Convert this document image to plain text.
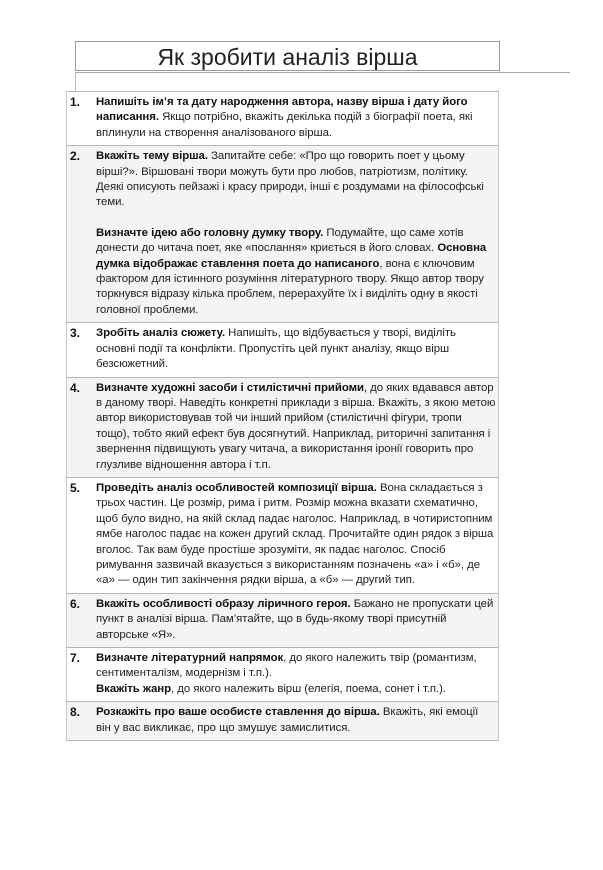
Як зробити аналіз вірша
1.	Напишіть ім’я та дату народження автора, назву вірша і дату його написання. Якщо потрібно, вкажіть декілька подій з біографії поета, які вплинули на створення аналізованого вірша.

2.	Вкажіть тему вірша. Запитайте себе: «Про що говорить поет у цьому вірші?». Віршовані твори можуть бути про любов, патріотизм, політику. Деякі описують пейзажі і красу природи, інші є роздумами на філософські теми.

Визначте ідею або головну думку твору. Подумайте, що саме хотів донести до читача поет, яке «послання» криється в його словах. Основна думка відображає ставлення поета до написаного, вона є ключовим фактором для істинного розуміння літературного твору. Якщо автор твору торкнувся відразу кілька проблем, перерахуйте їх і виділіть одну в якості головної проблеми.

3.	Зробіть аналіз сюжету. Напишіть, що відбувається у творі, виділіть основні події та конфлікти. Пропустіть цей пункт аналізу, якщо вірш безсюжетний.

4.	Визначте художні засоби і стилістичні прийоми, до яких вдавався автор в даному творі. Наведіть конкретні приклади з вірша. Вкажіть, з якою метою автор використовував той чи інший прийом (стилістичні фігури, тропи тощо), тобто який ефект був досягнутий. Наприклад, риторичні запитання і звернення підвищують увагу читача, а використання іронії говорить про глузливе відношення автора і т.п.

5.	Проведіть аналіз особливостей композиції вірша. Вона складається з трьох частин. Це розмір, рима і ритм. Розмір можна вказати схематично, щоб було видно, на якій склад падає наголос. Наприклад, в чотиристопним ямбе наголос падає на кожен другий склад. Прочитайте один рядок з вірша вголос. Так вам буде простіше зрозуміти, як падає наголос. Спосіб римування зазвичай вказується з використанням позначень «а» і «б», де «а» — один тип закінчення рядки вірша, а «б» — другий тип.

6.	Вкажіть особливості образу ліричного героя. Бажано не пропускати цей пункт в аналізі вірша. Пам’ятайте, що в будь-якому творі присутній авторське «Я».

7.	Визначте літературний напрямок, до якого належить твір (романтизм, сентименталізм, модернізм і т.п.).

Вкажіть жанр, до якого належить вірш (елегія, поема, сонет і т.п.).

8.	Розкажіть про ваше особисте ставлення до вірша. Вкажіть, які емоції він у вас викликає, про що змушує замислитися.
